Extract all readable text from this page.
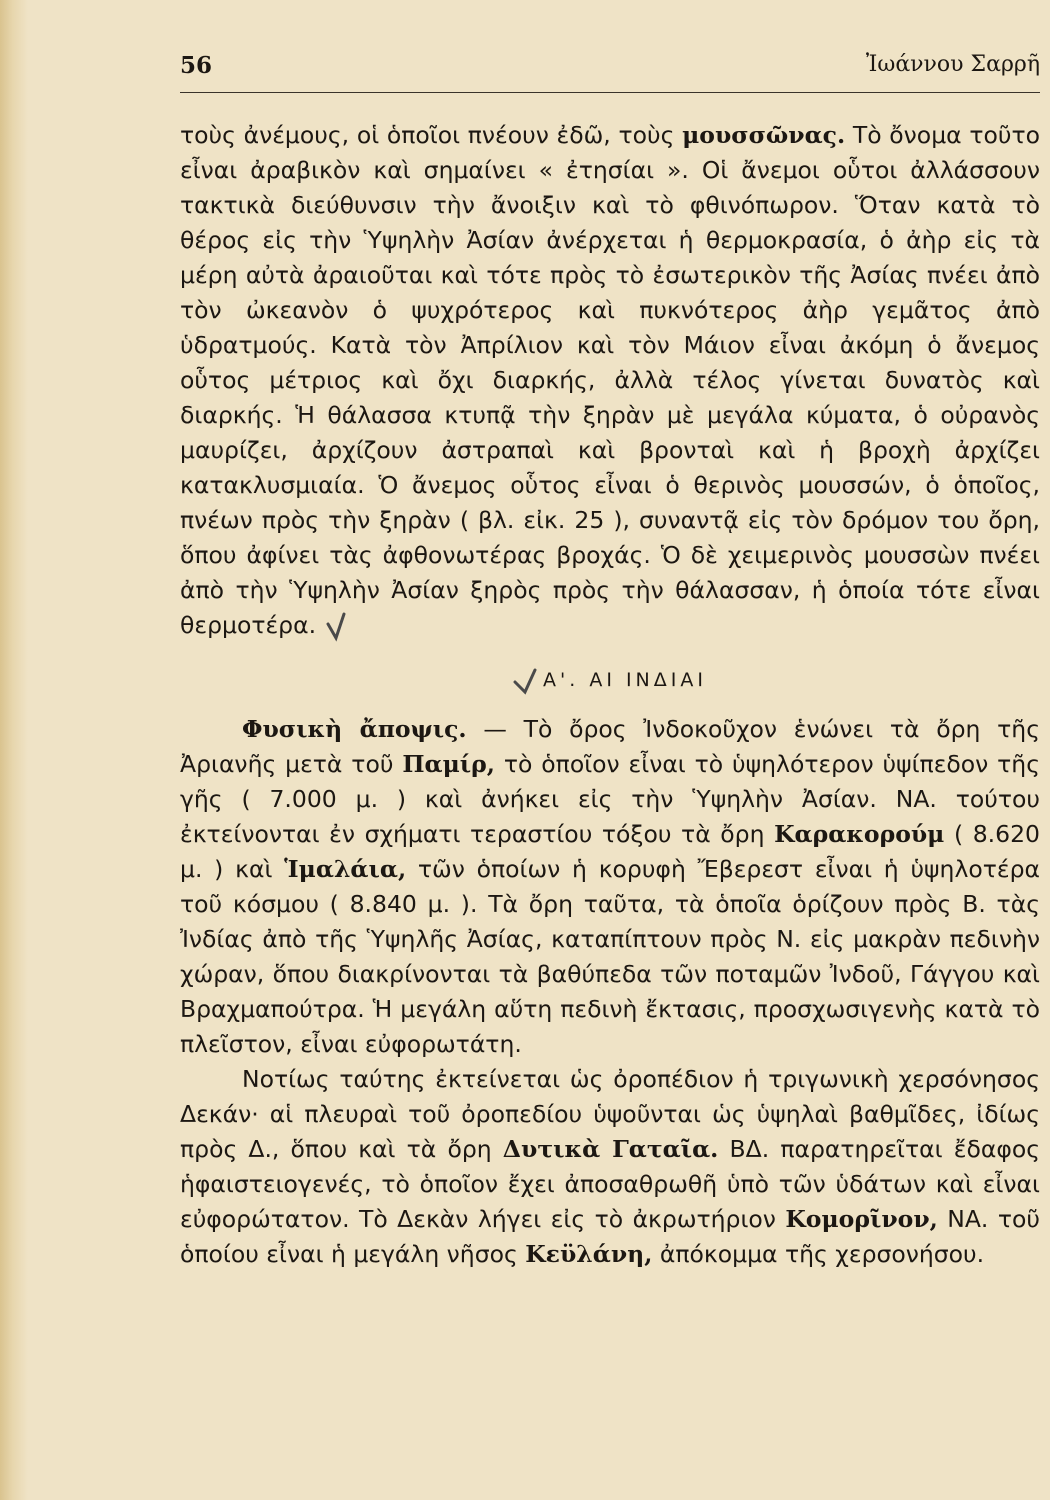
56	Ἰωάννου Σαρρῆ

τοὺς ἀνέμους, οἱ ὁποῖοι πνέουν ἐδῶ, τοὺς μουσσῶνας. Τὸ ὄνομα τοῦτο εἶναι ἀραβικὸν καὶ σημαίνει « ἐτησίαι ». Οἱ ἄνεμοι οὗτοι ἀλλάσσουν τακτικὰ διεύθυνσιν τὴν ἄνοιξιν καὶ τὸ φθινόπωρον. Ὅταν κατὰ τὸ θέρος εἰς τὴν Ὑψηλὴν Ἀσίαν ἀνέρχεται ἡ θερμοκρασία, ὁ ἀὴρ εἰς τὰ μέρη αὐτὰ ἀραιοῦται καὶ τότε πρὸς τὸ ἐσωτερικὸν τῆς Ἀσίας πνέει ἀπὸ τὸν ὠκεανὸν ὁ ψυχρότερος καὶ πυκνότερος ἀὴρ γεμᾶτος ἀπὸ ὑδρατμούς. Κατὰ τὸν Ἀπρίλιον καὶ τὸν Μάιον εἶναι ἀκόμη ὁ ἄνεμος οὗτος μέτριος καὶ ὄχι διαρκής, ἀλλὰ τέλος γίνεται δυνατὸς καὶ διαρκής. Ἡ θάλασσα κτυπᾷ τὴν ξηρὰν μὲ μεγάλα κύματα, ὁ οὐρανὸς μαυρίζει, ἀρχίζουν ἀστραπαὶ καὶ βρονταὶ καὶ ἡ βροχὴ ἀρχίζει κατακλυσμιαία. Ὁ ἄνεμος οὗτος εἶναι ὁ θερινὸς μουσσών, ὁ ὁποῖος, πνέων πρὸς τὴν ξηρὰν ( βλ. εἰκ. 25 ), συναντᾷ εἰς τὸν δρόμον του ὄρη, ὅπου ἀφίνει τὰς ἀφθονωτέρας βροχάς. Ὁ δὲ χειμερινὸς μουσσὼν πνέει ἀπὸ τὴν Ὑψηλὴν Ἀσίαν ξηρὸς πρὸς τὴν θάλασσαν, ἡ ὁποία τότε εἶναι θερμοτέρα.

Α'. ΑΙ ΙΝΔΙΑΙ

Φυσικὴ ἄποψις. — Τὸ ὄρος Ἰνδοκοῦχον ἑνώνει τὰ ὄρη τῆς Ἀριανῆς μετὰ τοῦ Παμίρ, τὸ ὁποῖον εἶναι τὸ ὑψηλότερον ὑψίπεδον τῆς γῆς ( 7.000 μ. ) καὶ ἀνήκει εἰς τὴν Ὑψηλὴν Ἀσίαν. ΝΑ. τούτου ἐκτείνονται ἐν σχήματι τεραστίου τόξου τὰ ὄρη Καρακορούμ ( 8.620 μ. ) καὶ Ἱμαλάια, τῶν ὁποίων ἡ κορυφὴ Ἔβερεστ εἶναι ἡ ὑψηλοτέρα τοῦ κόσμου ( 8.840 μ. ). Τὰ ὄρη ταῦτα, τὰ ὁποῖα ὁρίζουν πρὸς Β. τὰς Ἰνδίας ἀπὸ τῆς Ὑψηλῆς Ἀσίας, καταπίπτουν πρὸς Ν. εἰς μακρὰν πεδινὴν χώραν, ὅπου διακρίνονται τὰ βαθύπεδα τῶν ποταμῶν Ἰνδοῦ, Γάγγου καὶ Βραχμαπούτρα. Ἡ μεγάλη αὕτη πεδινὴ ἔκτασις, προσχωσιγενὴς κατὰ τὸ πλεῖστον, εἶναι εὐφορωτάτη.

Νοτίως ταύτης ἐκτείνεται ὡς ὀροπέδιον ἡ τριγωνικὴ χερσόνησος Δεκάν· αἱ πλευραὶ τοῦ ὀροπεδίου ὑψοῦνται ὡς ὑψηλαὶ βαθμῖδες, ἰδίως πρὸς Δ., ὅπου καὶ τὰ ὄρη Δυτικὰ Γαταῖα. ΒΔ. παρατηρεῖται ἔδαφος ἡφαιστειογενές, τὸ ὁποῖον ἔχει ἀποσαθρωθῆ ὑπὸ τῶν ὑδάτων καὶ εἶναι εὐφορώτατον. Τὸ Δεκὰν λήγει εἰς τὸ ἀκρωτήριον Κομορῖνον, ΝΑ. τοῦ ὁποίου εἶναι ἡ μεγάλη νῆσος Κεϋλάνη, ἀπόκομμα τῆς χερσονήσου.
